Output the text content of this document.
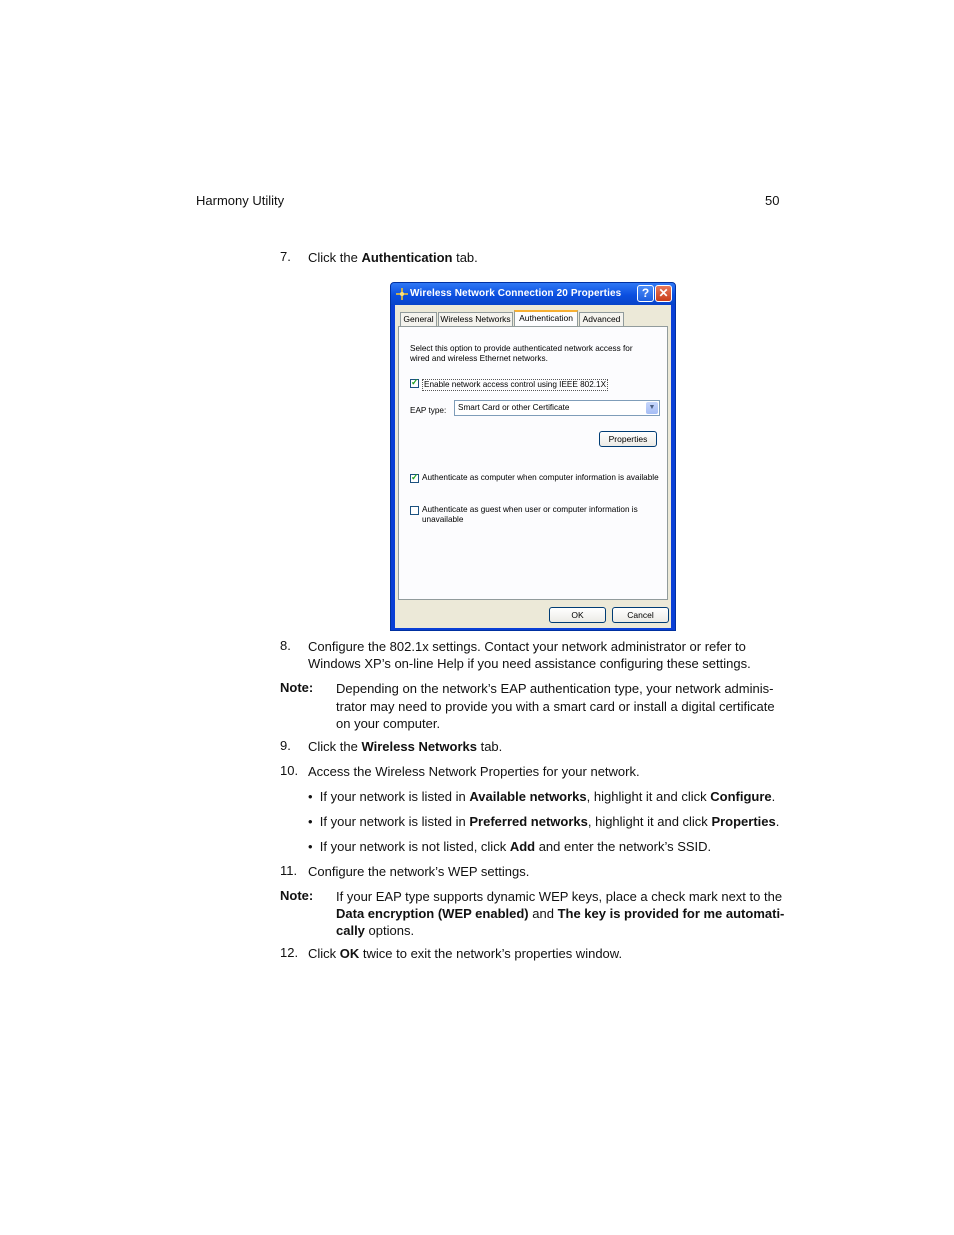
Harmony Utility	50
7. Click the Authentication tab.
Wireless Network Connection 20 Properties	? ✕
General Wireless Networks Authentication	Advanced
Select this option to provide authenticated network access for
wired and wireless Ethernet networks.
✓ Enable network access control using IEEE 802.1X
EAP type: Smart Card or other Certificate	▼
Properties
✓ Authenticate as computer when computer information is available
Authenticate as guest when user or computer information is
unavailable
OK	Cancel
8. Configure the 802.1x settings. Contact your network administrator or refer to
Windows XP’s on-line Help if you need assistance configuring these settings.
Note: Depending on the network’s EAP authentication type, your network adminis-
trator may need to provide you with a smart card or install a digital certificate
on your computer.
9. Click the Wireless Networks tab.
10. Access the Wireless Network Properties for your network.
• If your network is listed in Available networks, highlight it and click Configure.
• If your network is listed in Preferred networks, highlight it and click Properties.
• If your network is not listed, click Add and enter the network’s SSID.
11. Configure the network’s WEP settings.
Note: If your EAP type supports dynamic WEP keys, place a check mark next to the
Data encryption (WEP enabled) and The key is provided for me automati-
cally options.
12. Click OK twice to exit the network’s properties window.
